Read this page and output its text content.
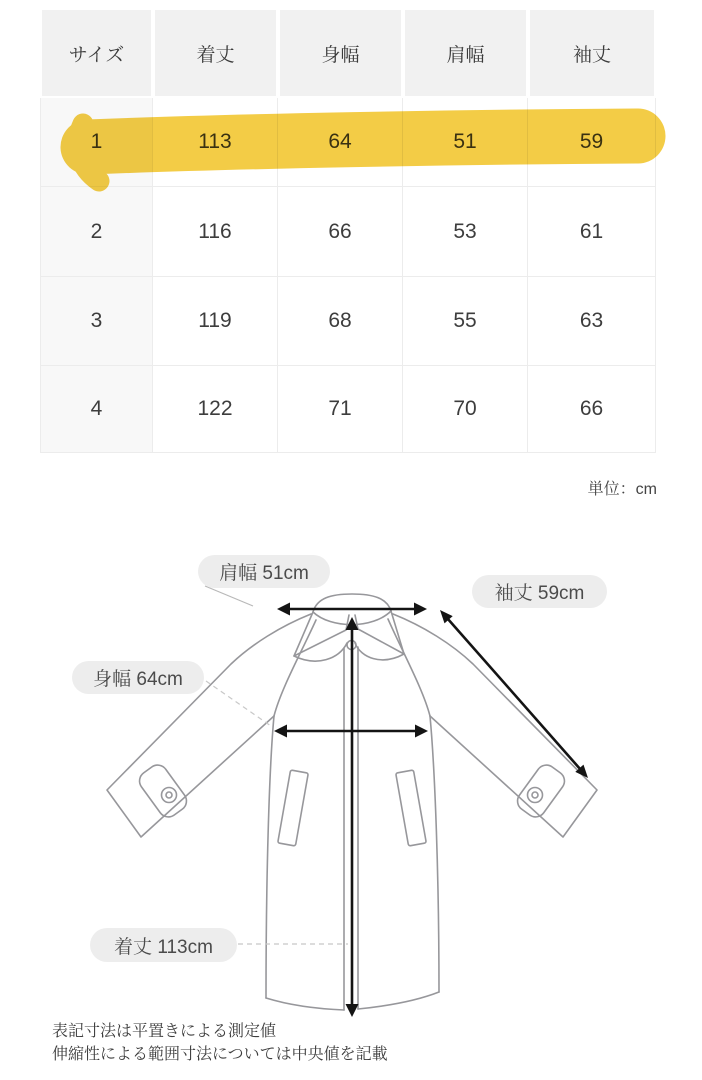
サイズ	着丈	身幅	肩幅	袖丈
1	113	64	51	59
2	116	66	53	61
3	119	68	55	63
4	122	71	70	66
単位：cm
肩幅 51cm
袖丈 59cm
身幅 64cm
着丈 113cm
表記寸法は平置きによる測定値
伸縮性による範囲寸法については中央値を記載
